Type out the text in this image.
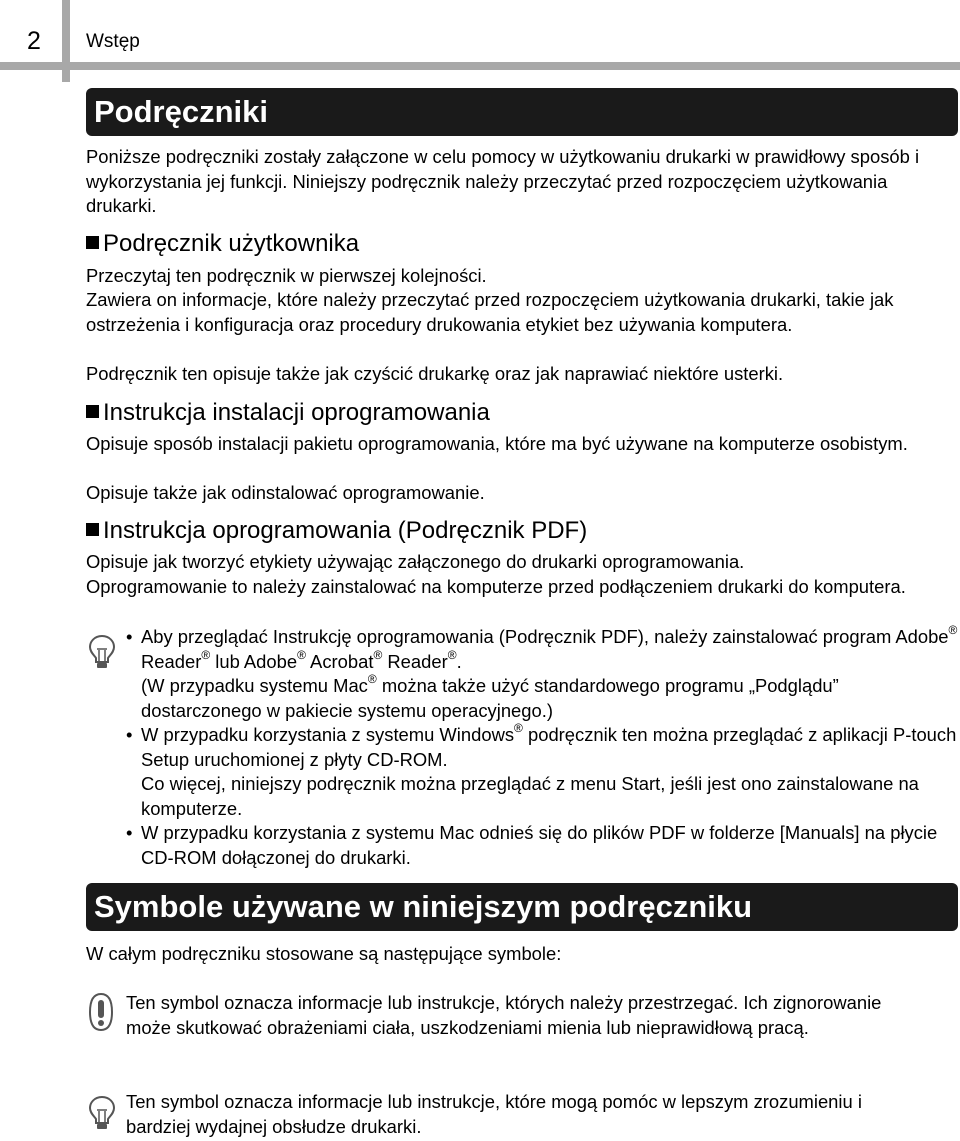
2 Wstęp
Podręczniki

Poniższe podręczniki zostały załączone w celu pomocy w użytkowaniu drukarki w prawidłowy sposób i wykorzystania jej funkcji. Niniejszy podręcznik należy przeczytać przed rozpoczęciem użytkowania drukarki.

Podręcznik użytkownika

Przeczytaj ten podręcznik w pierwszej kolejności.

Zawiera on informacje, które należy przeczytać przed rozpoczęciem użytkowania drukarki, takie jak ostrzeżenia i konfiguracja oraz procedury drukowania etykiet bez używania komputera.

Podręcznik ten opisuje także jak czyścić drukarkę oraz jak naprawiać niektóre usterki.

Instrukcja instalacji oprogramowania

Opisuje sposób instalacji pakietu oprogramowania, które ma być używane na komputerze osobistym.

Opisuje także jak odinstalować oprogramowanie.

Instrukcja oprogramowania (Podręcznik PDF)

Opisuje jak tworzyć etykiety używając załączonego do drukarki oprogramowania.

Oprogramowanie to należy zainstalować na komputerze przed podłączeniem drukarki do komputera.

• Aby przeglądać Instrukcję oprogramowania (Podręcznik PDF), należy zainstalować program Adobe® Reader® lub Adobe® Acrobat® Reader®.
(W przypadku systemu Mac® można także użyć standardowego programu „Podglądu” dostarczonego w pakiecie systemu operacyjnego.)
• W przypadku korzystania z systemu Windows® podręcznik ten można przeglądać z aplikacji P-touch Setup uruchomionej z płyty CD-ROM.
Co więcej, niniejszy podręcznik można przeglądać z menu Start, jeśli jest ono zainstalowane na komputerze.
• W przypadku korzystania z systemu Mac odnieś się do plików PDF w folderze [Manuals] na płycie CD-ROM dołączonej do drukarki.
Symbole używane w niniejszym podręczniku

W całym podręczniku stosowane są następujące symbole:

Ten symbol oznacza informacje lub instrukcje, których należy przestrzegać. Ich zignorowanie może skutkować obrażeniami ciała, uszkodzeniami mienia lub nieprawidłową pracą.

Ten symbol oznacza informacje lub instrukcje, które mogą pomóc w lepszym zrozumieniu i bardziej wydajnej obsłudze drukarki.
